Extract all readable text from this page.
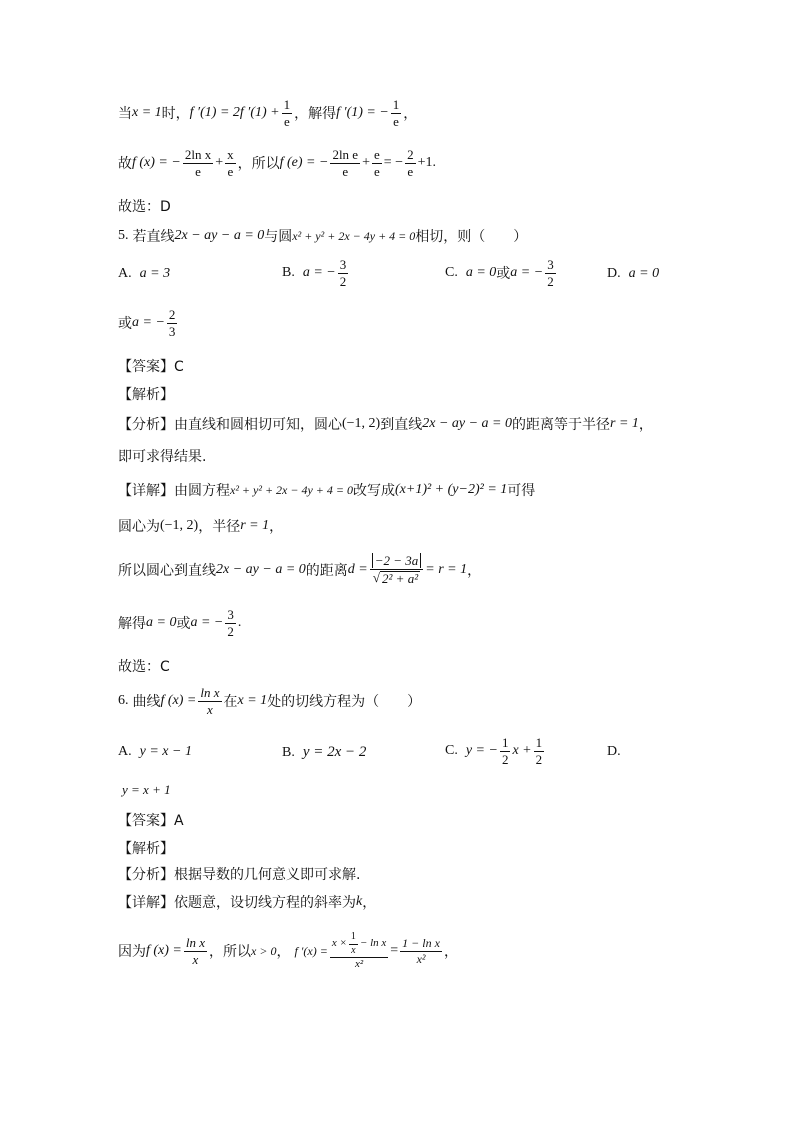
当 x = 1 时， f ′(1) = 2f $'(1) + \frac{1}{e}$ ，解得 f ′(1) = − $\frac{1}{e}$ ，
故 f (x) = − $\frac{\text{2ln x}}{e} + \frac{x}{e}$ ，所以 f (e) = − $\frac{\text{2ln e}}{e} + \frac{e}{e}$ = − $\frac{2}{e} +1$.
故选：D
5. 若直线 2x − ay − a = 0 与圆 x² + y² + 2x − 4y + 4 = 0 相切，则（　　）
A. a = 3	B. a = − $\frac{3}{2}$	C. a = 0 或 a = − $\frac{3}{2}$	D. a = 0
或 a = − $\frac{2}{3}$
【答案】C
【解析】
【分析】由直线和圆相切可知，圆心 (−1, 2) 到直线 2x − ay − a = 0 的距离等于半径 r = 1 ，
即可求得结果.
【详解】由圆方程 x² + y² + 2x − 4y + 4 = 0 改写成 (x+1)² + (y−2)² = 1 可得
圆心为 (−1, 2) ，半径 r = 1 ，
所以圆心到直线 2x − ay − a = 0 的距离 $d = \frac{-2 - 3a}{\text{√ 2² + a²}} = r = 1$ ，
解得 a = 0 或 a = − $\frac{3}{2}$ .
故选：C
6. 曲线 f $(x) = \frac{\text{ln x}}{x}$ 在 x = 1 处的切线方程为（　　）
A. y = x − 1	B. y = 2x − 2	C. y = − $\frac{1}{2}$ $x + \frac{1}{2}$	D.
y = x + 1
【答案】A
【解析】
【分析】根据导数的几何意义即可求解.
【详解】依题意，设切线方程的斜率为 k ，
因为 f $(x) = \frac{\text{ln x}}{x}$ ，所以 x > 0 ， f $'(x) = \frac{x \times \frac{1}{x} - \ln x}{\text{x²}} = \frac{\text{1 − ln x}}{\text{x²}}$ ，
